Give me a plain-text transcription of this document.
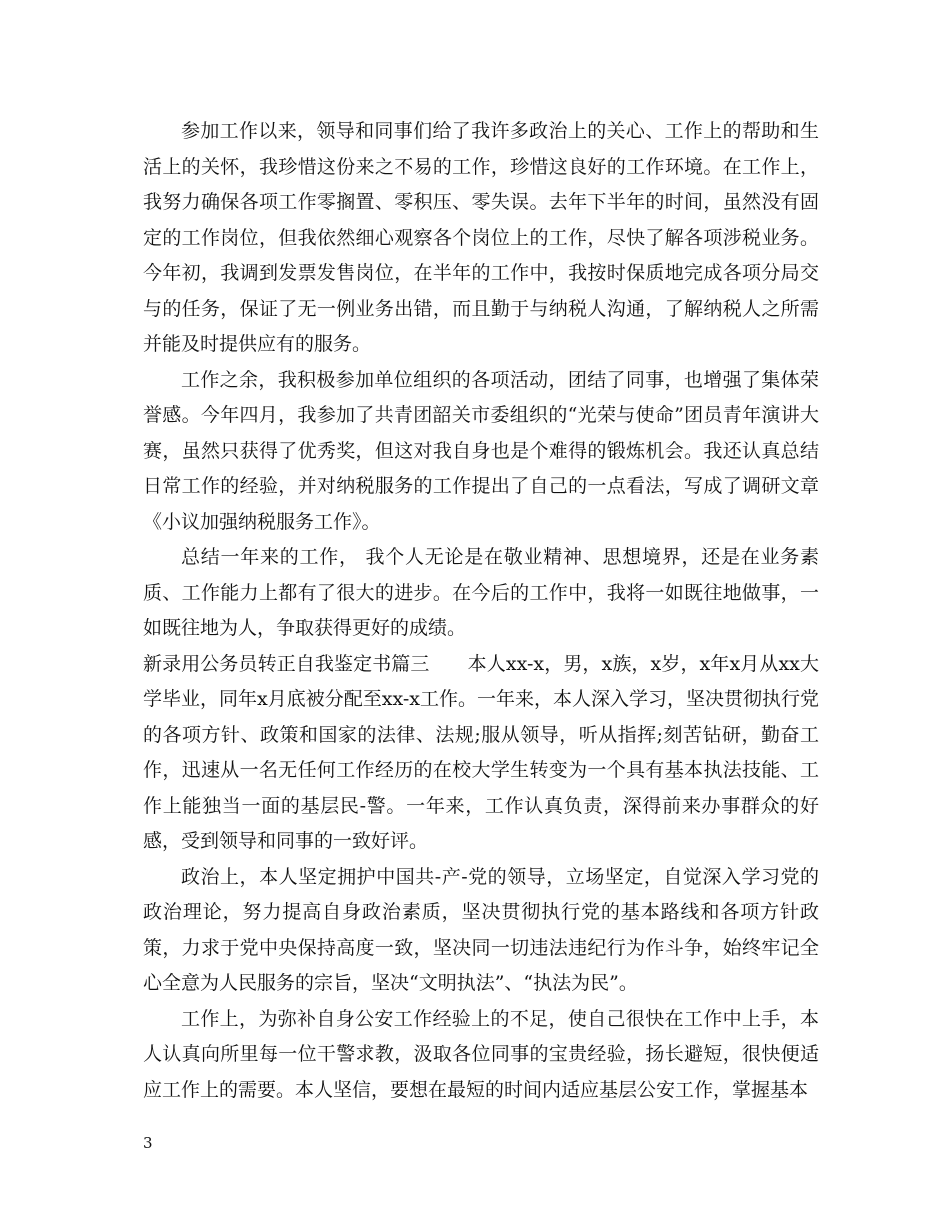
参加工作以来，领导和同事们给了我许多政治上的关心、工作上的帮助和生活上的关怀，我珍惜这份来之不易的工作，珍惜这良好的工作环境。在工作上，我努力确保各项工作零搁置、零积压、零失误。去年下半年的时间，虽然没有固定的工作岗位，但我依然细心观察各个岗位上的工作，尽快了解各项涉税业务。今年初，我调到发票发售岗位，在半年的工作中，我按时保质地完成各项分局交与的任务，保证了无一例业务出错，而且勤于与纳税人沟通，了解纳税人之所需并能及时提供应有的服务。

工作之余，我积极参加单位组织的各项活动，团结了同事，也增强了集体荣誉感。今年四月，我参加了共青团韶关市委组织的“光荣与使命”团员青年演讲大赛，虽然只获得了优秀奖，但这对我自身也是个难得的锻炼机会。我还认真总结日常工作的经验，并对纳税服务的工作提出了自己的一点看法，写成了调研文章《小议加强纳税服务工作》。

总结一年来的工作， 我个人无论是在敬业精神、思想境界，还是在业务素质、工作能力上都有了很大的进步。在今后的工作中，我将一如既往地做事，一如既往地为人，争取获得更好的成绩。

新录用公务员转正自我鉴定书篇三　　本人xx-x，男，x族，x岁，x年x月从xx大学毕业，同年x月底被分配至xx-x工作。一年来，本人深入学习，坚决贯彻执行党的各项方针、政策和国家的法律、法规;服从领导，听从指挥;刻苦钻研，勤奋工作，迅速从一名无任何工作经历的在校大学生转变为一个具有基本执法技能、工作上能独当一面的基层民-警。一年来，工作认真负责，深得前来办事群众的好感，受到领导和同事的一致好评。

政治上，本人坚定拥护中国共-产-党的领导，立场坚定，自觉深入学习党的政治理论，努力提高自身政治素质，坚决贯彻执行党的基本路线和各项方针政策，力求于党中央保持高度一致，坚决同一切违法违纪行为作斗争，始终牢记全心全意为人民服务的宗旨，坚决“文明执法”、“执法为民”。

工作上，为弥补自身公安工作经验上的不足，使自己很快在工作中上手，本人认真向所里每一位干警求教，汲取各位同事的宝贵经验，扬长避短，很快便适应工作上的需要。本人坚信，要想在最短的时间内适应基层公安工作，掌握基本

3
